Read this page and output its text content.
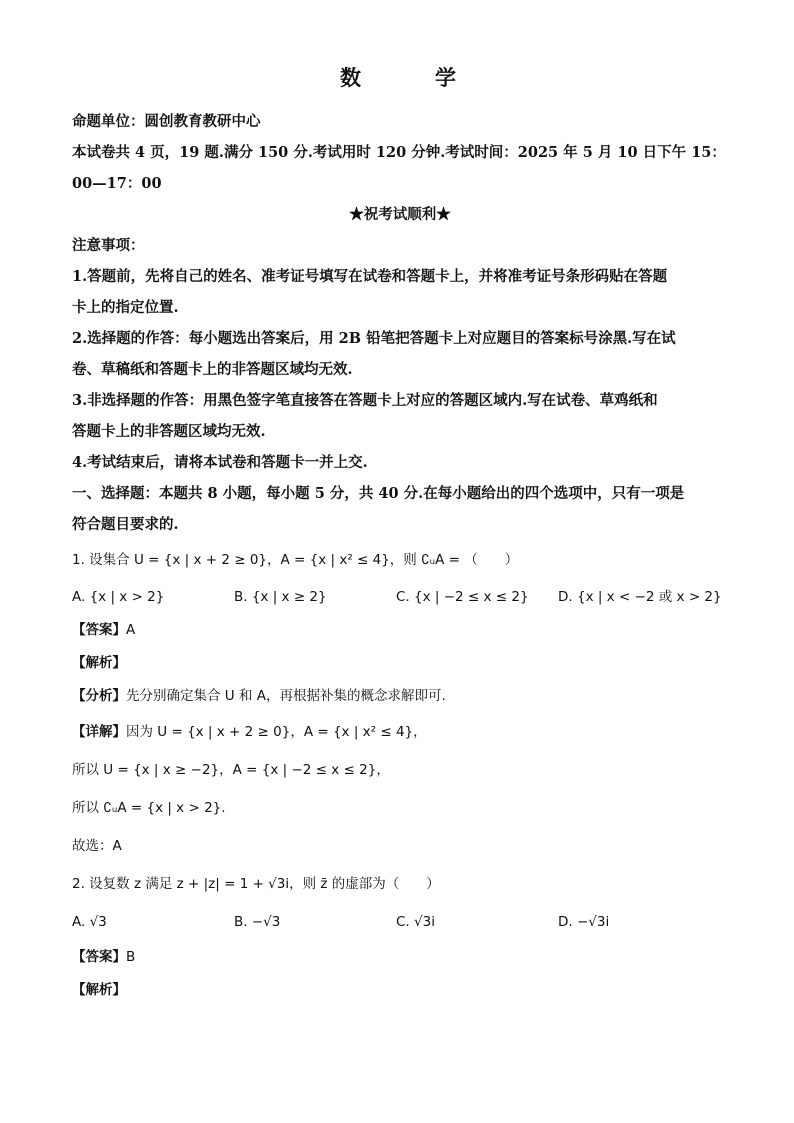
数	学
命题单位：圆创教育教研中心
本试卷共 4 页，19 题.满分 150 分.考试用时 120 分钟.考试时间：2025 年 5 月 10 日下午 15：
00—17：00
★祝考试顺利★
注意事项：
1.答题前，先将自己的姓名、准考证号填写在试卷和答题卡上，并将准考证号条形码贴在答题
卡上的指定位置.
2.选择题的作答：每小题选出答案后，用 2B 铅笔把答题卡上对应题目的答案标号涂黑.写在试
卷、草稿纸和答题卡上的非答题区域均无效.
3.非选择题的作答：用黑色签字笔直接答在答题卡上对应的答题区域内.写在试卷、草鸡纸和
答题卡上的非答题区域均无效.
4.考试结束后，请将本试卷和答题卡一并上交.
一、选择题：本题共 8 小题，每小题 5 分，共 40 分.在每小题给出的四个选项中，只有一项是
符合题目要求的.
1. 设集合 U = {x | x + 2 ≥ 0}，A = {x | x² ≤ 4}，则 ∁ᵤA = （　　）
A. {x | x > 2}	B. {x | x ≥ 2}	C. {x | −2 ≤ x ≤ 2}	D. {x | x < −2 或 x > 2}
【答案】A
【解析】
【分析】先分别确定集合 U 和 A，再根据补集的概念求解即可.
【详解】因为 U = {x | x + 2 ≥ 0}，A = {x | x² ≤ 4}，
所以 U = {x | x ≥ −2}，A = {x | −2 ≤ x ≤ 2}，
所以 ∁ᵤA = {x | x > 2}.
故选：A
2. 设复数 z 满足 z + |z| = 1 + √3i，则 z̄ 的虚部为（　　）
A. √3	B. −√3	C. √3i	D. −√3i
【答案】B
【解析】
